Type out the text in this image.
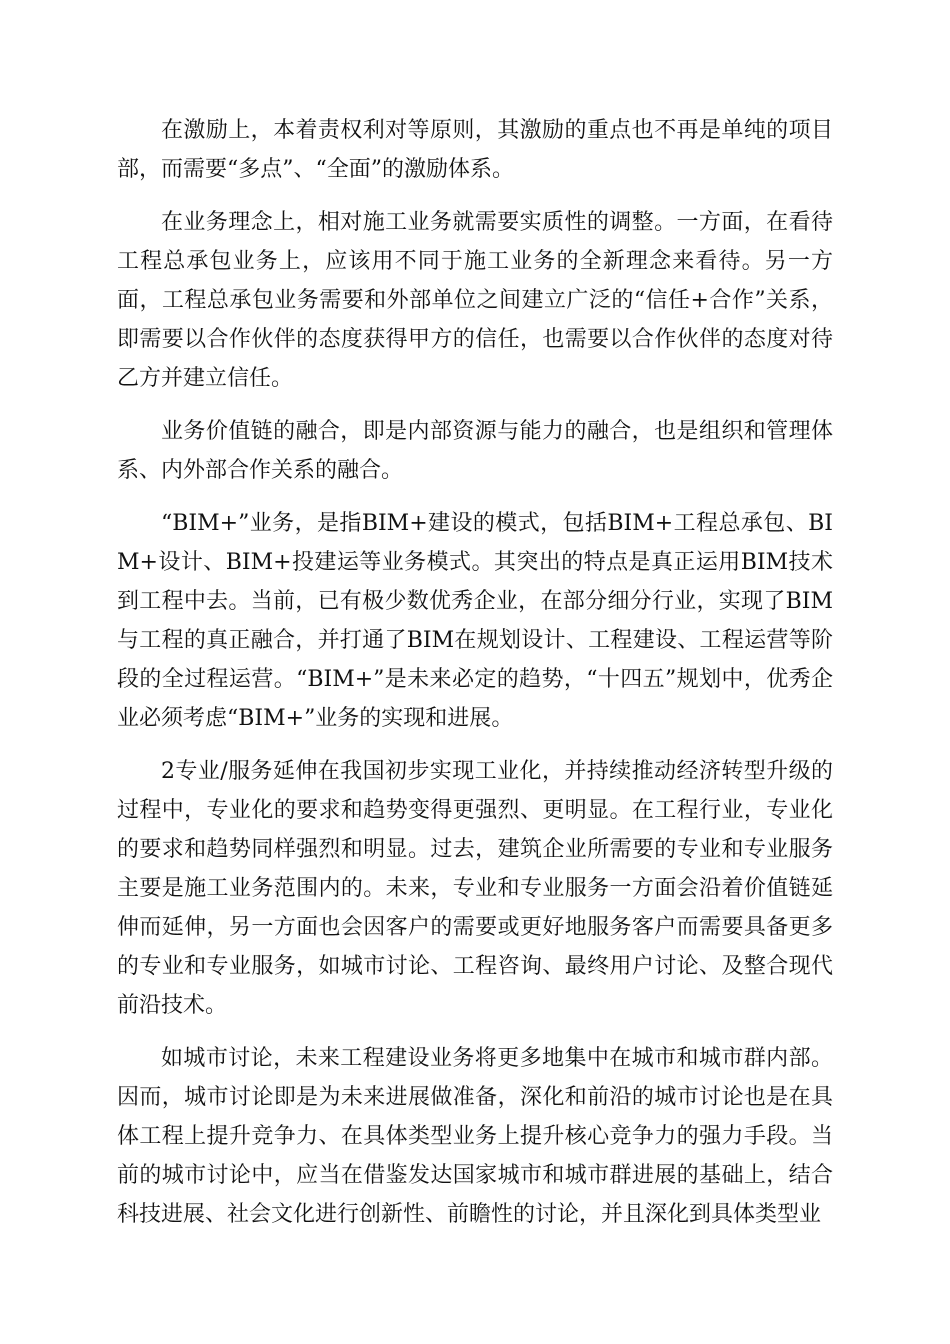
在激励上，本着责权利对等原则，其激励的重点也不再是单纯的项目部，而需要“多点”、“全面”的激励体系。

在业务理念上，相对施工业务就需要实质性的调整。一方面，在看待工程总承包业务上，应该用不同于施工业务的全新理念来看待。另一方面，工程总承包业务需要和外部单位之间建立广泛的“信任+合作”关系，即需要以合作伙伴的态度获得甲方的信任，也需要以合作伙伴的态度对待乙方并建立信任。

业务价值链的融合，即是内部资源与能力的融合，也是组织和管理体系、内外部合作关系的融合。

“BIM+”业务，是指BIM+建设的模式，包括BIM+工程总承包、BIM+设计、BIM+投建运等业务模式。其突出的特点是真正运用BIM技术到工程中去。当前，已有极少数优秀企业，在部分细分行业，实现了BIM与工程的真正融合，并打通了BIM在规划设计、工程建设、工程运营等阶段的全过程运营。“BIM+”是未来必定的趋势，“十四五”规划中，优秀企业必须考虑“BIM+”业务的实现和进展。

2专业/服务延伸在我国初步实现工业化，并持续推动经济转型升级的过程中，专业化的要求和趋势变得更强烈、更明显。在工程行业，专业化的要求和趋势同样强烈和明显。过去，建筑企业所需要的专业和专业服务主要是施工业务范围内的。未来，专业和专业服务一方面会沿着价值链延伸而延伸，另一方面也会因客户的需要或更好地服务客户而需要具备更多的专业和专业服务，如城市讨论、工程咨询、最终用户讨论、及整合现代前沿技术。

如城市讨论，未来工程建设业务将更多地集中在城市和城市群内部。因而，城市讨论即是为未来进展做准备，深化和前沿的城市讨论也是在具体工程上提升竞争力、在具体类型业务上提升核心竞争力的强力手段。当前的城市讨论中，应当在借鉴发达国家城市和城市群进展的基础上，结合科技进展、社会文化进行创新性、前瞻性的讨论，并且深化到具体类型业
